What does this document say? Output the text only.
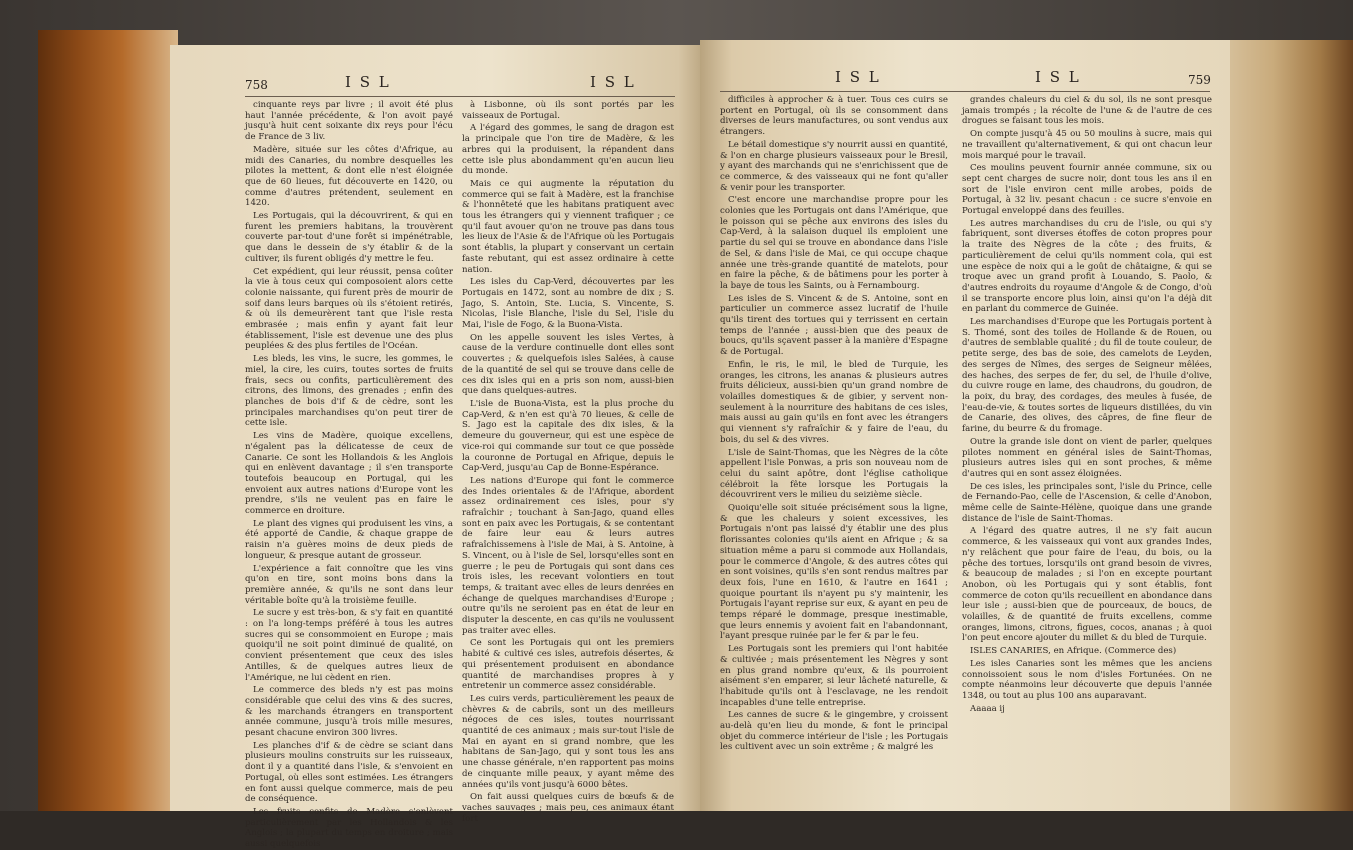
758	I S L	I S L

cinquante reys par livre ; il avoit été plus haut l'année précédente, & l'on avoit payé jusqu'à huit cent soixante dix reys pour l'écu de France de 3 liv.

Madère, située sur les côtes d'Afrique, au midi des Canaries, du nombre desquelles les pilotes la mettent, & dont elle n'est éloignée que de 60 lieues, fut découverte en 1420, ou comme d'autres prétendent, seulement en 1420.

Les Portugais, qui la découvrirent, & qui en furent les premiers habitans, la trouvèrent couverte par-tout d'une forêt si impénétrable, que dans le dessein de s'y établir & de la cultiver, ils furent obligés d'y mettre le feu.

Cet expédient, qui leur réussit, pensa coûter la vie à tous ceux qui composoient alors cette colonie naissante, qui furent près de mourir de soif dans leurs barques où ils s'étoient retirés, & où ils demeurèrent tant que l'isle resta embrasée ; mais enfin y ayant fait leur établissement, l'isle est devenue une des plus peuplées & des plus fertiles de l'Océan.

Les bleds, les vins, le sucre, les gommes, le miel, la cire, les cuirs, toutes sortes de fruits frais, secs ou confits, particulièrement des citrons, des limons, des grenades ; enfin des planches de bois d'if & de cèdre, sont les principales marchandises qu'on peut tirer de cette isle.

Les vins de Madère, quoique excellens, n'égalent pas la délicatesse de ceux de Canarie. Ce sont les Hollandois & les Anglois qui en enlèvent davantage ; il s'en transporte toutefois beaucoup en Portugal, qui les envoient aux autres nations d'Europe vont les prendre, s'ils ne veulent pas en faire le commerce en droiture.

Le plant des vignes qui produisent les vins, a été apporté de Candie, & chaque grappe de raisin n'a guères moins de deux pieds de longueur, & presque autant de grosseur.

L'expérience a fait connoître que les vins qu'on en tire, sont moins bons dans la première année, & qu'ils ne sont dans leur véritable boîte qu'à la troisième feuille.

Le sucre y est très-bon, & s'y fait en quantité : on l'a long-temps préféré à tous les autres sucres qui se consommoient en Europe ; mais quoiqu'il ne soit point diminué de qualité, on convient présentement que ceux des isles Antilles, & de quelques autres lieux de l'Amérique, ne lui cèdent en rien.

Le commerce des bleds n'y est pas moins considérable que celui des vins & des sucres, & les marchands étrangers en transportent année commune, jusqu'à trois mille mesures, pesant chacune environ 300 livres.

Les planches d'if & de cèdre se sciant dans plusieurs moulins construits sur les ruisseaux, dont il y a quantité dans l'isle, & s'envoient en Portugal, où elles sont estimées. Les étrangers en font aussi quelque commerce, mais de peu de conséquence.

Les fruits confits de Madère s'enlèvent particulièrement par les Hollandois & les Anglois ; la plupart du temps en droiture ; mais aussi quelquefois

à Lisbonne, où ils sont portés par les vaisseaux de Portugal.

A l'égard des gommes, le sang de dragon est la principale que l'on tire de Madère, & les arbres qui la produisent, la répandent dans cette isle plus abondamment qu'en aucun lieu du monde.

Mais ce qui augmente la réputation du commerce qui se fait à Madère, est la franchise & l'honnêteté que les habitans pratiquent avec tous les étrangers qui y viennent trafiquer ; ce qu'il faut avouer qu'on ne trouve pas dans tous les lieux de l'Asie & de l'Afrique où les Portugais sont établis, la plupart y conservant un certain faste rebutant, qui est assez ordinaire à cette nation.

Les isles du Cap-Verd, découvertes par les Portugais en 1472, sont au nombre de dix ; S. Jago, S. Antoin, Ste. Lucia, S. Vincente, S. Nicolas, l'isle Blanche, l'isle du Sel, l'isle du Mai, l'isle de Fogo, & la Buona-Vista.

On les appelle souvent les isles Vertes, à cause de la verdure continuelle dont elles sont couvertes ; & quelquefois isles Salées, à cause de la quantité de sel qui se trouve dans celle de ces dix isles qui en a pris son nom, aussi-bien que dans quelques-autres.

L'isle de Buona-Vista, est la plus proche du Cap-Verd, & n'en est qu'à 70 lieues, & celle de S. Jago est la capitale des dix isles, & la demeure du gouverneur, qui est une espèce de vice-roi qui commande sur tout ce que possède la couronne de Portugal en Afrique, depuis le Cap-Verd, jusqu'au Cap de Bonne-Espérance.

Les nations d'Europe qui font le commerce des Indes orientales & de l'Afrique, abordent assez ordinairement ces isles, pour s'y rafraîchir ; touchant à San-Jago, quand elles sont en paix avec les Portugais, & se contentant de faire leur eau & leurs autres rafraîchissemens à l'isle de Mai, à S. Antoine, à S. Vincent, ou à l'isle de Sel, lorsqu'elles sont en guerre ; le peu de Portugais qui sont dans ces trois isles, les recevant volontiers en tout temps, & traitant avec elles de leurs denrées en échange de quelques marchandises d'Europe ; outre qu'ils ne seroient pas en état de leur en disputer la descente, en cas qu'ils ne voulussent pas traiter avec elles.

Ce sont les Portugais qui ont les premiers habité & cultivé ces isles, autrefois désertes, & qui présentement produisent en abondance quantité de marchandises propres à y entretenir un commerce assez considérable.

Les cuirs verds, particulièrement les peaux de chèvres & de cabrils, sont un des meilleurs négoces de ces isles, toutes nourrissant quantité de ces animaux ; mais sur-tout l'isle de Mai en ayant en si grand nombre, que les habitans de San-Jago, qui y sont tous les ans une chasse générale, n'en rapportent pas moins de cinquante mille peaux, y ayant même des années qu'ils vont jusqu'à 6000 bêtes.

On fait aussi quelques cuirs de bœufs & de vaches sauvages ; mais peu, ces animaux étant fort

I S L	I S L	759

difficiles à approcher & à tuer. Tous ces cuirs se portent en Portugal, où ils se consomment dans diverses de leurs manufactures, ou sont vendus aux étrangers.

Le bétail domestique s'y nourrit aussi en quantité, & l'on en charge plusieurs vaisseaux pour le Bresil, y ayant des marchands qui ne s'enrichissent que de ce commerce, & des vaisseaux qui ne font qu'aller & venir pour les transporter.

C'est encore une marchandise propre pour les colonies que les Portugais ont dans l'Amérique, que le poisson qui se pêche aux environs des isles du Cap-Verd, à la salaison duquel ils emploient une partie du sel qui se trouve en abondance dans l'isle de Sel, & dans l'isle de Mai, ce qui occupe chaque année une très-grande quantité de matelots, pour en faire la pêche, & de bâtimens pour les porter à la baye de tous les Saints, ou à Fernambourg.

Les isles de S. Vincent & de S. Antoine, sont en particulier un commerce assez lucratif de l'huile qu'ils tirent des tortues qui y terrissent en certain temps de l'année ; aussi-bien que des peaux de boucs, qu'ils sçavent passer à la manière d'Espagne & de Portugal.

Enfin, le ris, le mil, le bled de Turquie, les oranges, les citrons, les ananas & plusieurs autres fruits délicieux, aussi-bien qu'un grand nombre de volailles domestiques & de gibier, y servent non-seulement à la nourriture des habitans de ces isles, mais aussi au gain qu'ils en font avec les étrangers qui viennent s'y rafraîchir & y faire de l'eau, du bois, du sel & des vivres.

L'isle de Saint-Thomas, que les Nègres de la côte appellent l'isle Ponwas, a pris son nouveau nom de celui du saint apôtre, dont l'église catholique célébroit la fête lorsque les Portugais la découvrirent vers le milieu du seizième siècle.

Quoiqu'elle soit située précisément sous la ligne, & que les chaleurs y soient excessives, les Portugais n'ont pas laissé d'y établir une des plus florissantes colonies qu'ils aient en Afrique ; & sa situation même a paru si commode aux Hollandais, pour le commerce d'Angole, & des autres côtes qui en sont voisines, qu'ils s'en sont rendus maîtres par deux fois, l'une en 1610, & l'autre en 1641 ; quoique pourtant ils n'ayent pu s'y maintenir, les Portugais l'ayant reprise sur eux, & ayant en peu de temps réparé le dommage, presque inestimable, que leurs ennemis y avoient fait en l'abandonnant, l'ayant presque ruinée par le fer & par le feu.

Les Portugais sont les premiers qui l'ont habitée & cultivée ; mais présentement les Nègres y sont en plus grand nombre qu'eux, & ils pourroient aisément s'en emparer, si leur lâcheté naturelle, & l'habitude qu'ils ont à l'esclavage, ne les rendoit incapables d'une telle entreprise.

Les cannes de sucre & le gingembre, y croissent au-delà qu'en lieu du monde, & font le principal objet du commerce intérieur de l'isle ; les Portugais les cultivent avec un soin extrême ; & malgré les

grandes chaleurs du ciel & du sol, ils ne sont presque jamais trompés ; la récolte de l'une & de l'autre de ces drogues se faisant tous les mois.

On compte jusqu'à 45 ou 50 moulins à sucre, mais qui ne travaillent qu'alternativement, & qui ont chacun leur mois marqué pour le travail.

Ces moulins peuvent fournir année commune, six ou sept cent charges de sucre noir, dont tous les ans il en sort de l'isle environ cent mille arobes, poids de Portugal, à 32 liv. pesant chacun : ce sucre s'envoie en Portugal enveloppé dans des feuilles.

Les autres marchandises du cru de l'isle, ou qui s'y fabriquent, sont diverses étoffes de coton propres pour la traite des Nègres de la côte ; des fruits, & particulièrement de celui qu'ils nomment cola, qui est une espèce de noix qui a le goût de châtaigne, & qui se troque avec un grand profit à Louando, S. Paolo, & d'autres endroits du royaume d'Angole & de Congo, d'où il se transporte encore plus loin, ainsi qu'on l'a déjà dit en parlant du commerce de Guinée.

Les marchandises d'Europe que les Portugais portent à S. Thomé, sont des toiles de Hollande & de Rouen, ou d'autres de semblable qualité ; du fil de toute couleur, de petite serge, des bas de soie, des camelots de Leyden, des serges de Nîmes, des serges de Seigneur mêlées, des haches, des serpes de fer, du sel, de l'huile d'olive, du cuivre rouge en lame, des chaudrons, du goudron, de la poix, du bray, des cordages, des meules à fusée, de l'eau-de-vie, & toutes sortes de liqueurs distillées, du vin de Canarie, des olives, des câpres, de fine fleur de farine, du beurre & du fromage.

Outre la grande isle dont on vient de parler, quelques pilotes nomment en général isles de Saint-Thomas, plusieurs autres isles qui en sont proches, & même d'autres qui en sont assez éloignées.

De ces isles, les principales sont, l'isle du Prince, celle de Fernando-Pao, celle de l'Ascension, & celle d'Anobon, même celle de Sainte-Hélène, quoique dans une grande distance de l'isle de Saint-Thomas.

A l'égard des quatre autres, il ne s'y fait aucun commerce, & les vaisseaux qui vont aux grandes Indes, n'y relâchent que pour faire de l'eau, du bois, ou la pêche des tortues, lorsqu'ils ont grand besoin de vivres, & beaucoup de malades ; si l'on en excepte pourtant Anobon, où les Portugais qui y sont établis, font commerce de coton qu'ils recueillent en abondance dans leur isle ; aussi-bien que de pourceaux, de boucs, de volailles, & de quantité de fruits excellens, comme oranges, limons, citrons, figues, cocos, ananas ; à quoi l'on peut encore ajouter du millet & du bled de Turquie.

ISLES CANARIES, en Afrique. (Commerce des)

Les isles Canaries sont les mêmes que les anciens connoissoient sous le nom d'isles Fortunées. On ne compte néanmoins leur découverte que depuis l'année 1348, ou tout au plus 100 ans auparavant.

Aaaaa ij
